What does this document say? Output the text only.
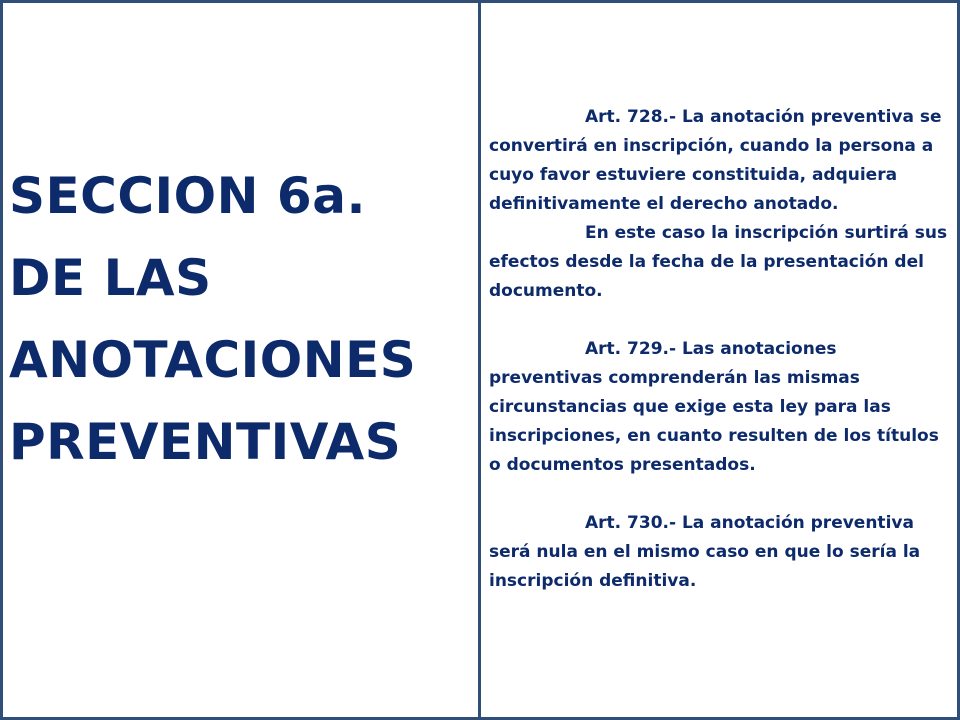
SECCION 6a.
DE LAS
ANOTACIONES
PREVENTIVAS

Art. 728.- La anotación preventiva se convertirá en inscripción, cuando la persona a cuyo favor estuviere constituida, adquiera definitivamente el derecho anotado.

En este caso la inscripción surtirá sus efectos desde la fecha de la presentación del documento.

Art. 729.- Las anotaciones preventivas comprenderán las mismas circunstancias que exige esta ley para las inscripciones, en cuanto resulten de los títulos o documentos presentados.

Art. 730.- La anotación preventiva será nula en el mismo caso en que lo sería la inscripción definitiva.
